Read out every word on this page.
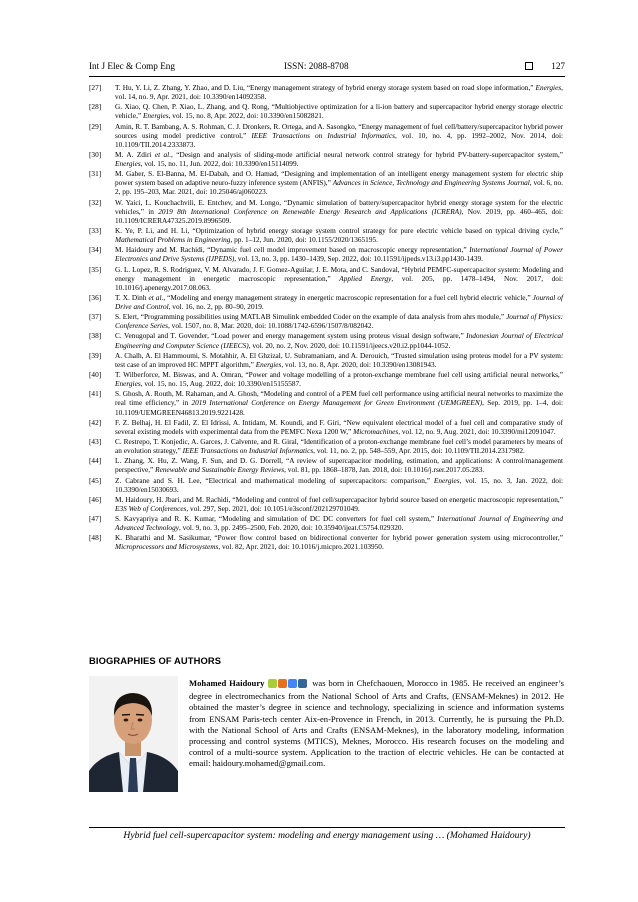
Int J Elec & Comp Eng	ISSN: 2088-8708	127
[27]	T. Hu, Y. Li, Z. Zhang, Y. Zhao, and D. Liu, “Energy management strategy of hybrid energy storage system based on road slope information,” Energies, vol. 14, no. 9, Apr. 2021, doi: 10.3390/en14092358.
[28]	G. Xiao, Q. Chen, P. Xiao, L. Zhang, and Q. Rong, “Multiobjective optimization for a li-ion battery and supercapacitor hybrid energy storage electric vehicle,” Energies, vol. 15, no. 8, Apr. 2022, doi: 10.3390/en15082821.
[29]	Amin, R. T. Bambang, A. S. Rohman, C. J. Dronkers, R. Ortega, and A. Sasongko, “Energy management of fuel cell/battery/supercapacitor hybrid power sources using model predictive control,” IEEE Transactions on Industrial Informatics, vol. 10, no. 4, pp. 1992–2002, Nov. 2014, doi: 10.1109/TII.2014.2333873.
[30]	M. A. Zdiri et al., “Design and analysis of sliding-mode artificial neural network control strategy for hybrid PV-battery-supercapacitor system,” Energies, vol. 15, no. 11, Jun. 2022, doi: 10.3390/en15114099.
[31]	M. Gaber, S. El-Banna, M. El-Dabah, and O. Hamad, “Designing and implementation of an intelligent energy management system for electric ship power system based on adaptive neuro-fuzzy inference system (ANFIS),” Advances in Science, Technology and Engineering Systems Journal, vol. 6, no. 2, pp. 195–203, Mar. 2021, doi: 10.25046/aj060223.
[32]	W. Yaici, L. Kouchachvili, E. Entchev, and M. Longo, “Dynamic simulation of battery/supercapacitor hybrid energy storage system for the electric vehicles,” in 2019 8th International Conference on Renewable Energy Research and Applications (ICRERA), Nov. 2019, pp. 460–465, doi: 10.1109/ICRERA47325.2019.8996509.
[33]	K. Ye, P. Li, and H. Li, “Optimization of hybrid energy storage system control strategy for pure electric vehicle based on typical driving cycle,” Mathematical Problems in Engineering, pp. 1–12, Jun. 2020, doi: 10.1155/2020/1365195.
[34]	M. Haidoury and M. Rachidi, “Dynamic fuel cell model improvement based on macroscopic energy representation,” International Journal of Power Electronics and Drive Systems (IJPEDS), vol. 13, no. 3, pp. 1430–1439, Sep. 2022, doi: 10.11591/ijpeds.v13.i3.pp1430-1439.
[35]	G. L. Lopez, R. S. Rodriguez, V. M. Alvarado, J. F. Gomez-Aguilar, J. E. Mota, and C. Sandoval, “Hybrid PEMFC-supercapacitor system: Modeling and energy management in energetic macroscopic representation,” Applied Energy, vol. 205, pp. 1478–1494, Nov. 2017, doi: 10.1016/j.apenergy.2017.08.063.
[36]	T. X. Dinh et al., “Modeling and energy management strategy in energetic macroscopic representation for a fuel cell hybrid electric vehicle,” Journal of Drive and Control, vol. 16, no. 2, pp. 80–90, 2019.
[37]	S. Elert, “Programming possibilities using MATLAB Simulink embedded Coder on the example of data analysis from ahrs module,” Journal of Physics: Conference Series, vol. 1507, no. 8, Mar. 2020, doi: 10.1088/1742-6596/1507/8/082042.
[38]	C. Venugopal and T. Govender, “Load power and energy management system using proteus visual design software,” Indonesian Journal of Electrical Engineering and Computer Science (IJEECS), vol. 20, no. 2, Nov. 2020, doi: 10.11591/ijeecs.v20.i2.pp1044-1052.
[39]	A. Chalh, A. El Hammoumi, S. Motahhir, A. El Ghzizal, U. Subramaniam, and A. Derouich, “Trusted simulation using proteus model for a PV system: test case of an improved HC MPPT algorithm,” Energies, vol. 13, no. 8, Apr. 2020, doi: 10.3390/en13081943.
[40]	T. Wilberforce, M. Biswas, and A. Omran, “Power and voltage modelling of a proton-exchange membrane fuel cell using artificial neural networks,” Energies, vol. 15, no. 15, Aug. 2022, doi: 10.3390/en15155587.
[41]	S. Ghosh, A. Routh, M. Rahaman, and A. Ghosh, “Modeling and control of a PEM fuel cell performance using artificial neural networks to maximize the real time efficiency,” in 2019 International Conference on Energy Management for Green Environment (UEMGREEN), Sep. 2019, pp. 1–4, doi: 10.1109/UEMGREEN46813.2019.9221428.
[42]	F. Z. Belhaj, H. El Fadil, Z. El Idrissi, A. Intidam, M. Koundi, and F. Giri, “New equivalent electrical model of a fuel cell and comparative study of several existing models with experimental data from the PEMFC Nexa 1200 W,” Micromachines, vol. 12, no. 9, Aug. 2021, doi: 10.3390/mi12091047.
[43]	C. Restrepo, T. Konjedic, A. Garces, J. Calvente, and R. Giral, “Identification of a proton-exchange membrane fuel cell’s model parameters by means of an evolution strategy,” IEEE Transactions on Industrial Informatics, vol. 11, no. 2, pp. 548–559, Apr. 2015, doi: 10.1109/TII.2014.2317982.
[44]	L. Zhang, X. Hu, Z. Wang, F. Sun, and D. G. Dorrell, “A review of supercapacitor modeling, estimation, and applications: A control/management perspective,” Renewable and Sustainable Energy Reviews, vol. 81, pp. 1868–1878, Jan. 2018, doi: 10.1016/j.rser.2017.05.283.
[45]	Z. Cabrane and S. H. Lee, “Electrical and mathematical modeling of supercapacitors: comparison,” Energies, vol. 15, no. 3, Jan. 2022, doi: 10.3390/en15030693.
[46]	M. Haidoury, H. Jbari, and M. Rachidi, “Modeling and control of fuel cell/supercapacitor hybrid source based on energetic macroscopic representation,” E3S Web of Conferences, vol. 297, Sep. 2021, doi: 10.1051/e3sconf/202129701049.
[47]	S. Kavyapriya and R. K. Kumar, “Modeling and simulation of DC DC converters for fuel cell system,” International Journal of Engineering and Advanced Technology, vol. 9, no. 3, pp. 2495–2500, Feb. 2020, doi: 10.35940/ijeat.C5754.029320.
[48]	K. Bharathi and M. Sasikumar, “Power flow control based on bidirectional converter for hybrid power generation system using microcontroller,” Microprocessors and Microsystems, vol. 82, Apr. 2021, doi: 10.1016/j.micpro.2021.103950.
BIOGRAPHIES OF AUTHORS
Mohamed Haidoury	was born in Chefchaouen, Morocco in 1985. He received an engineer’s degree in electromechanics from the National School of Arts and Crafts, (ENSAM-Meknes) in 2012. He obtained the master’s degree in science and technology, specializing in science and information systems from ENSAM Paris-tech center Aix-en-Provence in French, in 2013. Currently, he is pursuing the Ph.D. with the National School of Arts and Crafts (ENSAM-Meknes), in the laboratory modeling, information processing and control systems (MTICS), Meknes, Morocco. His research focuses on the modeling and control of a multi-source system. Application to the traction of electric vehicles. He can be contacted at email: haidoury.mohamed@gmail.com.
Hybrid fuel cell-supercapacitor system: modeling and energy management using … (Mohamed Haidoury)
